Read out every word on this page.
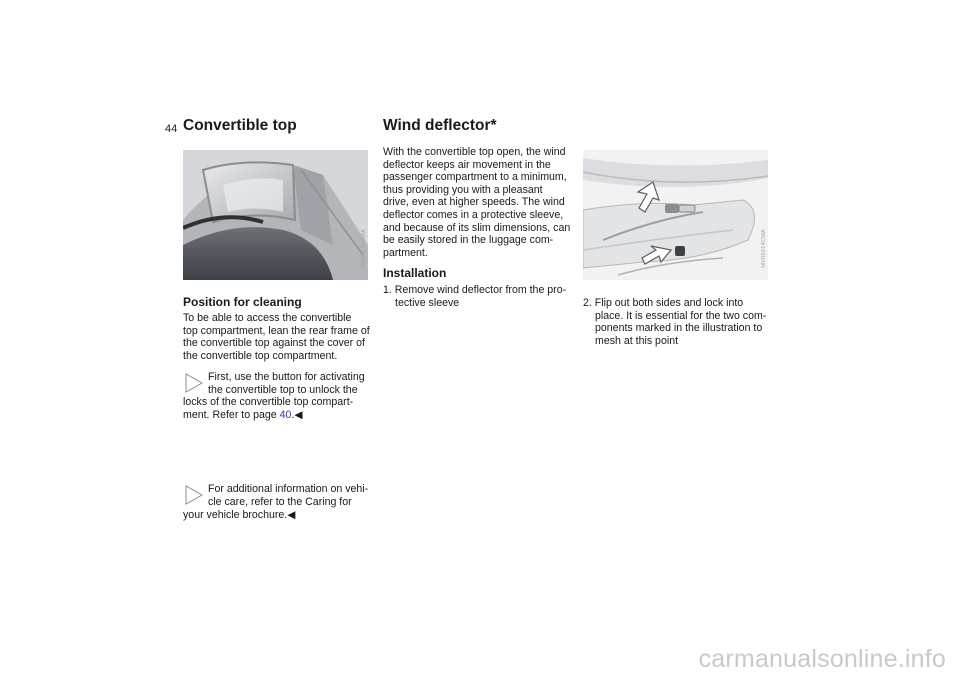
44 Convertible top
MV05194CMA
Position for cleaning

To be able to access the convertible

top compartment, lean the rear frame of

the convertible top against the cover of

the convertible top compartment.

First, use the button for activating

the convertible top to unlock the

locks of the convertible top compart-

ment. Refer to page 40.◀

For additional information on vehi-

cle care, refer to the Caring for

your vehicle brochure.◀

Wind deflector*

With the convertible top open, the wind

deflector keeps air movement in the

passenger compartment to a minimum,

thus providing you with a pleasant

drive, even at higher speeds. The wind

deflector comes in a protective sleeve,

and because of its slim dimensions, can

be easily stored in the luggage com-

partment.

Installation

1. Remove wind deflector from the pro-

tective sleeve

MV05074CMA

2. Flip out both sides and lock into

place. It is essential for the two com-

ponents marked in the illustration to

mesh at this point

carmanualsonline.info
